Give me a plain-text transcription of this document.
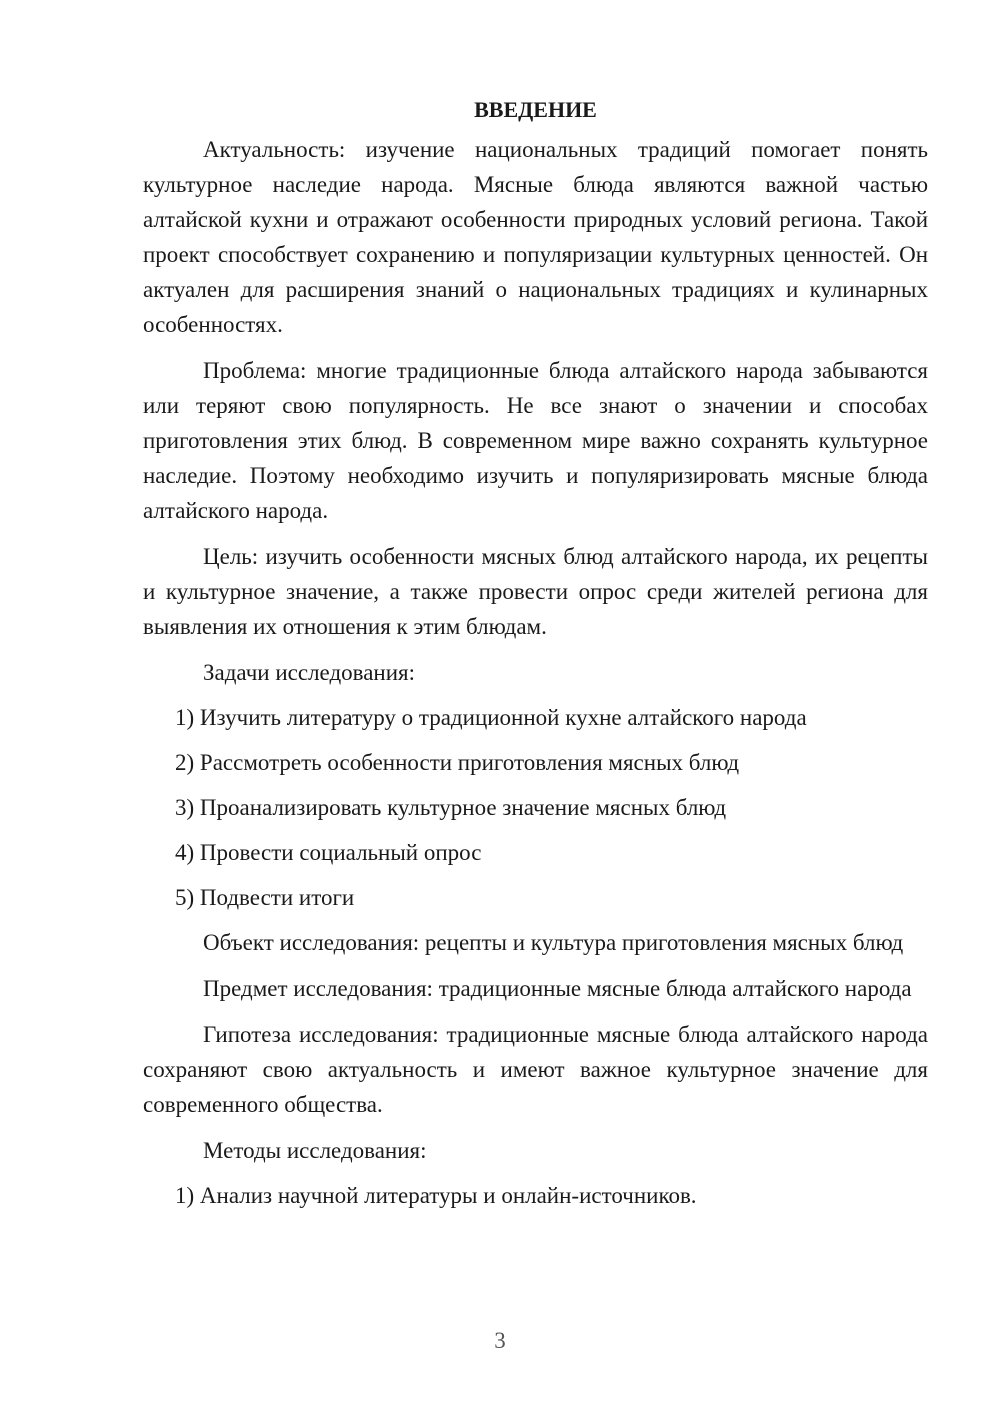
ВВЕДЕНИЕ

Актуальность: изучение национальных традиций помогает понять культурное наследие народа. Мясные блюда являются важной частью алтайской кухни и отражают особенности природных условий региона. Такой проект способствует сохранению и популяризации культурных ценностей. Он актуален для расширения знаний о национальных традициях и кулинарных особенностях.

Проблема: многие традиционные блюда алтайского народа забываются или теряют свою популярность. Не все знают о значении и способах приготовления этих блюд. В современном мире важно сохранять культурное наследие. Поэтому необходимо изучить и популяризировать мясные блюда алтайского народа.

Цель: изучить особенности мясных блюд алтайского народа, их рецепты и культурное значение, а также провести опрос среди жителей региона для выявления их отношения к этим блюдам.

Задачи исследования:
1) Изучить литературу о традиционной кухне алтайского народа
2) Рассмотреть особенности приготовления мясных блюд
3) Проанализировать культурное значение мясных блюд
4) Провести социальный опрос
5) Подвести итоги

Объект исследования: рецепты и культура приготовления мясных блюд

Предмет исследования: традиционные мясные блюда алтайского народа

Гипотеза исследования: традиционные мясные блюда алтайского народа сохраняют свою актуальность и имеют важное культурное значение для современного общества.

Методы исследования:
1) Анализ научной литературы и онлайн-источников.
3
